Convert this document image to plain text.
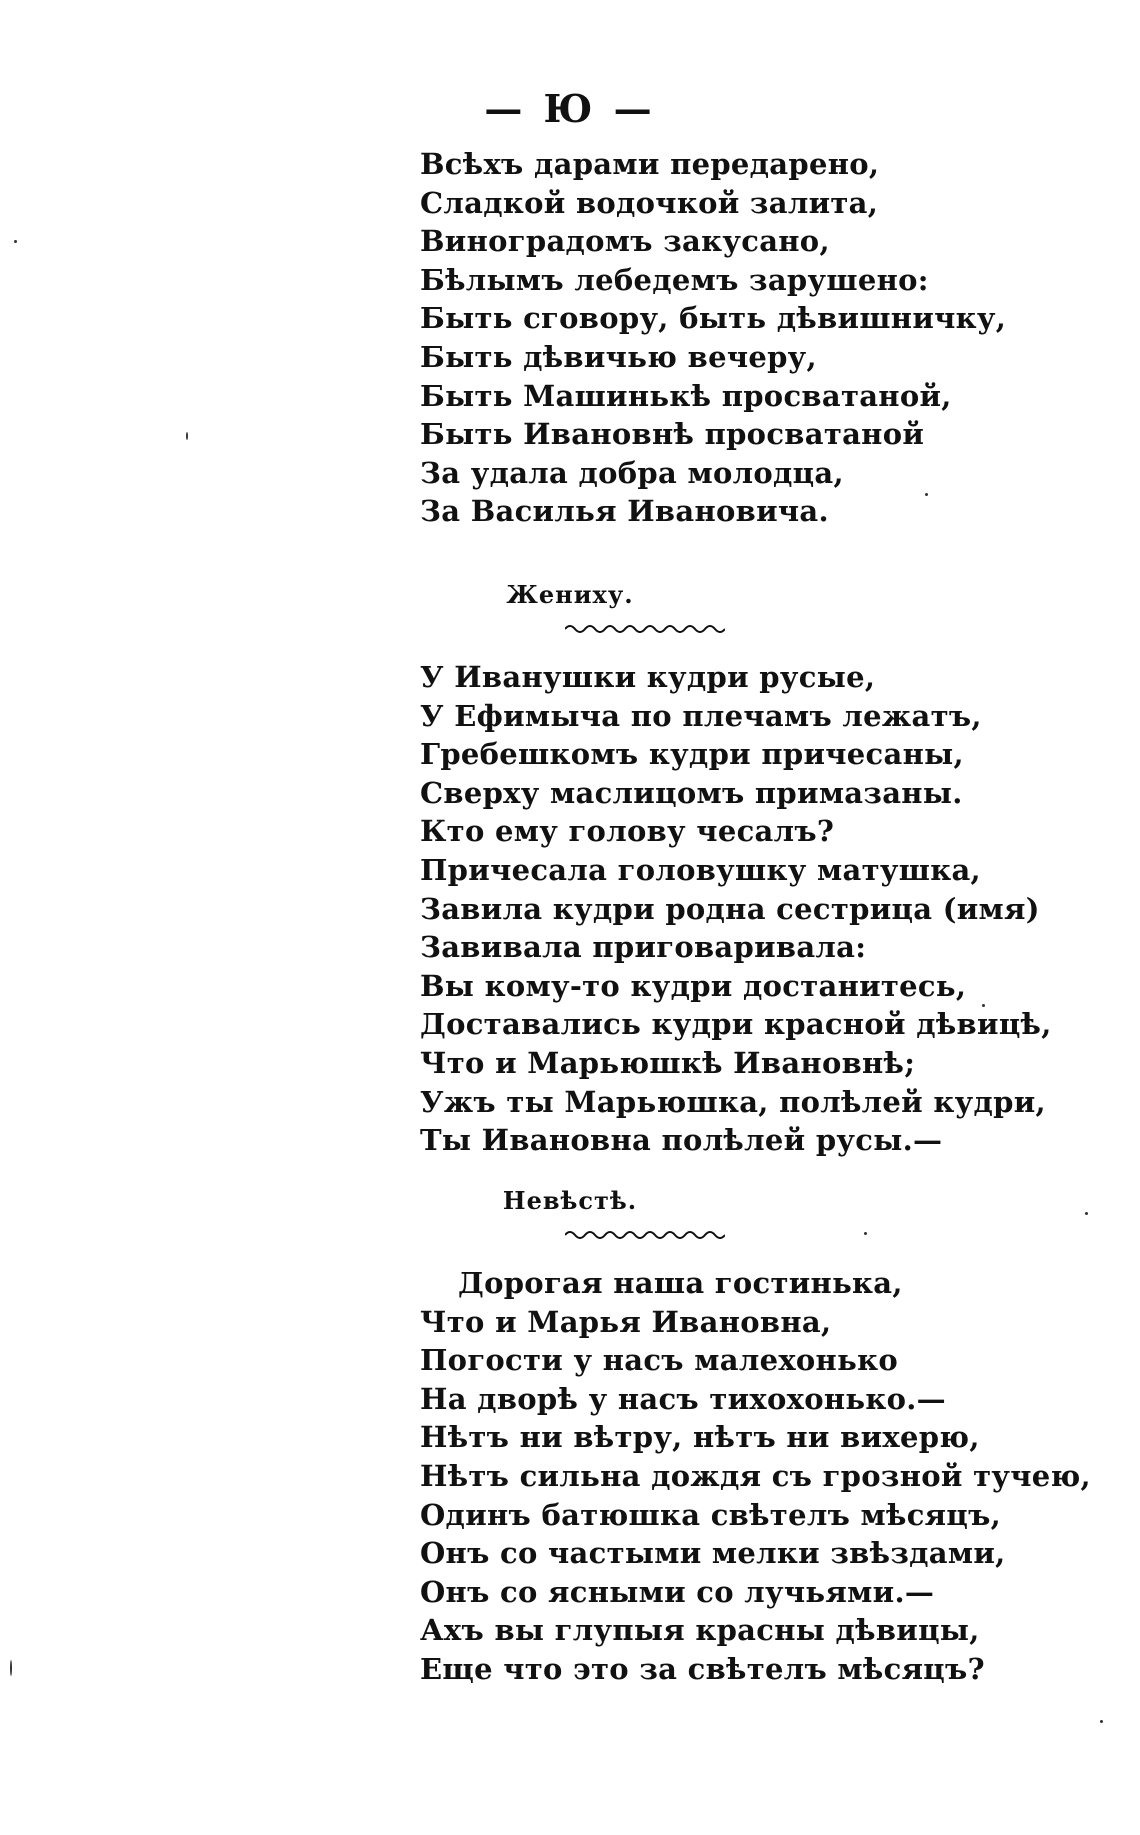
— Ю —
Всѣхъ дарами передарено,
Сладкой водочкой залита,
Виноградомъ закусано,
Бѣлымъ лебедемъ зарушено:
Быть сговору, быть дѣвишничку,
Быть дѣвичью вечеру,
Быть Машинькѣ просватаной,
Быть Ивановнѣ просватаной
За удала добра молодца,
За Василья Ивановича.
Жениху.
У Иванушки кудри русые,
У Ефимыча по плечамъ лежатъ,
Гребешкомъ кудри причесаны,
Сверху маслицомъ примазаны.
Кто ему голову чесалъ?
Причесала головушку матушка,
Завила кудри родна сестрица (имя)
Завивала приговаривала:
Вы кому-то кудри достанитесь,
Доставались кудри красной дѣвицѣ,
Что и Марьюшкѣ Ивановнѣ;
Ужъ ты Марьюшка, полѣлей кудри,
Ты Ивановна полѣлей русы.—
Невѣстѣ.
Дорогая наша гостинька,
Что и Марья Ивановна,
Погости у насъ малехонько
На дворѣ у насъ тихохонько.—
Нѣтъ ни вѣтру, нѣтъ ни вихерю,
Нѣтъ сильна дождя съ грозной тучею,
Одинъ батюшка свѣтелъ мѣсяцъ,
Онъ со частыми мелки звѣздами,
Онъ со ясными со лучьями.—
Ахъ вы глупыя красны дѣвицы,
Еще что это за свѣтелъ мѣсяцъ?
